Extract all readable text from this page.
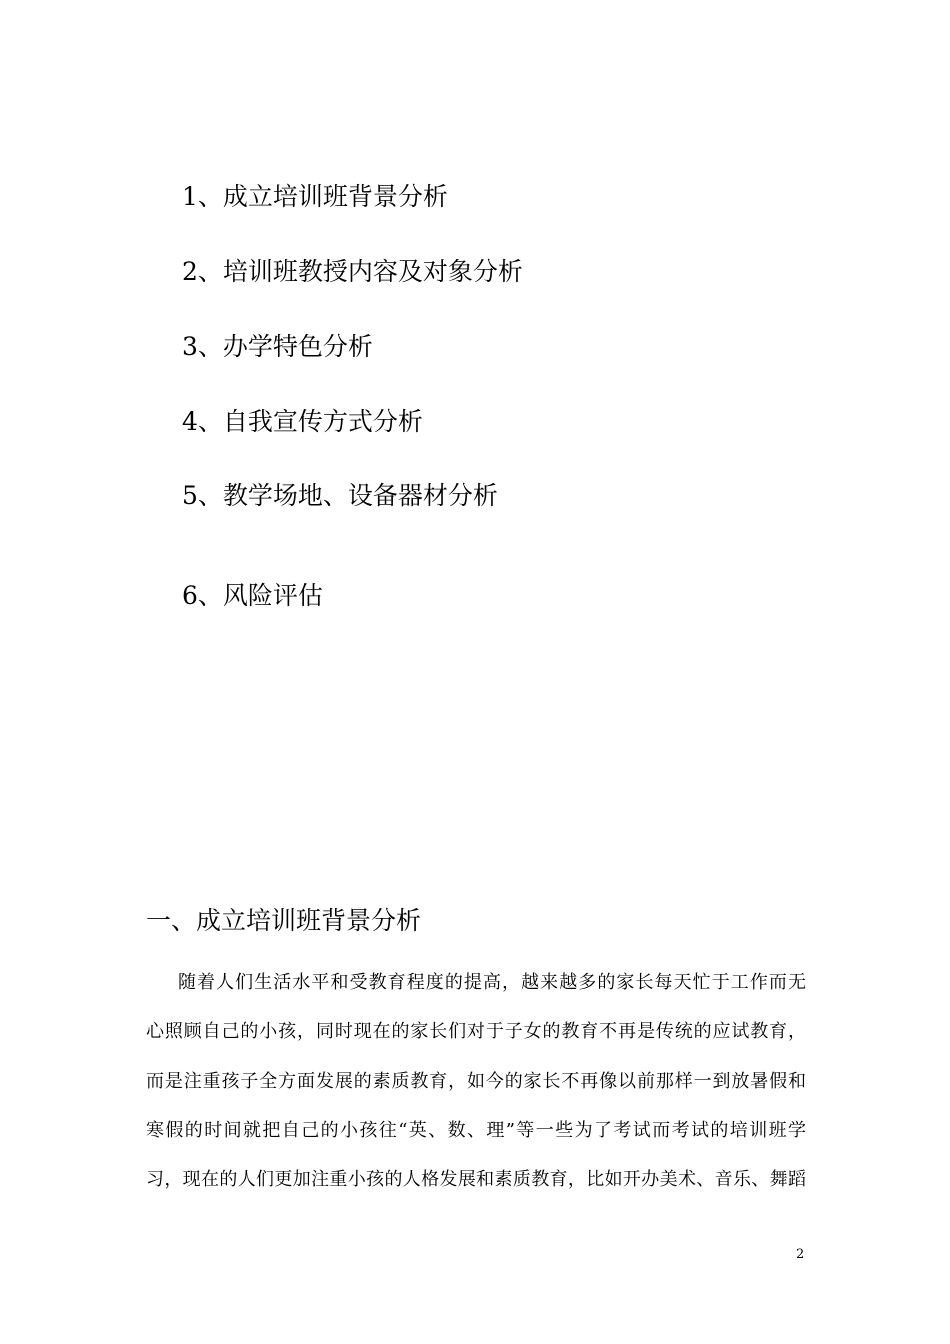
1、成立培训班背景分析
2、培训班教授内容及对象分析
3、办学特色分析
4、自我宣传方式分析
5、教学场地、设备器材分析
6、风险评估
一、成立培训班背景分析
随着人们生活水平和受教育程度的提高，越来越多的家长每天忙于工作而无
心照顾自己的小孩，同时现在的家长们对于子女的教育不再是传统的应试教育，
而是注重孩子全方面发展的素质教育，如今的家长不再像以前那样一到放暑假和
寒假的时间就把自己的小孩往“英、数、理”等一些为了考试而考试的培训班学
习，现在的人们更加注重小孩的人格发展和素质教育，比如开办美术、音乐、舞蹈
2
